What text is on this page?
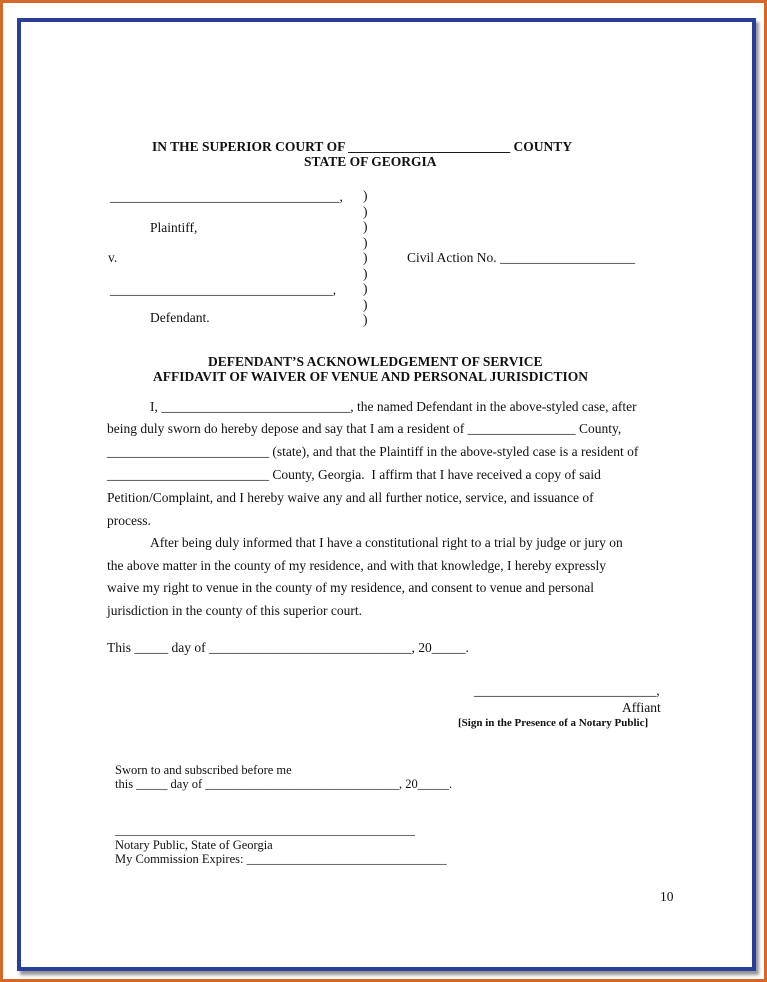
IN THE SUPERIOR COURT OF ________________________ COUNTY
STATE OF GEORGIA
__________________________________,
Plaintiff,
v.	Civil Action No. ____________________
_________________________________,
Defendant.
)
)
)
)
)
)
)
)
)
DEFENDANT’S ACKNOWLEDGEMENT OF SERVICE
AFFIDAVIT OF WAIVER OF VENUE AND PERSONAL JURISDICTION
I, ____________________________, the named Defendant in the above-styled case, after
being duly sworn do hereby depose and say that I am a resident of ________________ County,
________________________ (state), and that the Plaintiff in the above-styled case is a resident of
________________________ County, Georgia.  I affirm that I have received a copy of said
Petition/Complaint, and I hereby waive any and all further notice, service, and issuance of
process.
After being duly informed that I have a constitutional right to a trial by judge or jury on
the above matter in the county of my residence, and with that knowledge, I hereby expressly
waive my right to venue in the county of my residence, and consent to venue and personal
jurisdiction in the county of this superior court.
This _____ day of ______________________________, 20_____.
___________________________,
Affiant
[Sign in the Presence of a Notary Public]
Sworn to and subscribed before me
this _____ day of _______________________________, 20_____.
________________________________________________
Notary Public, State of Georgia
My Commission Expires: ________________________________
10
